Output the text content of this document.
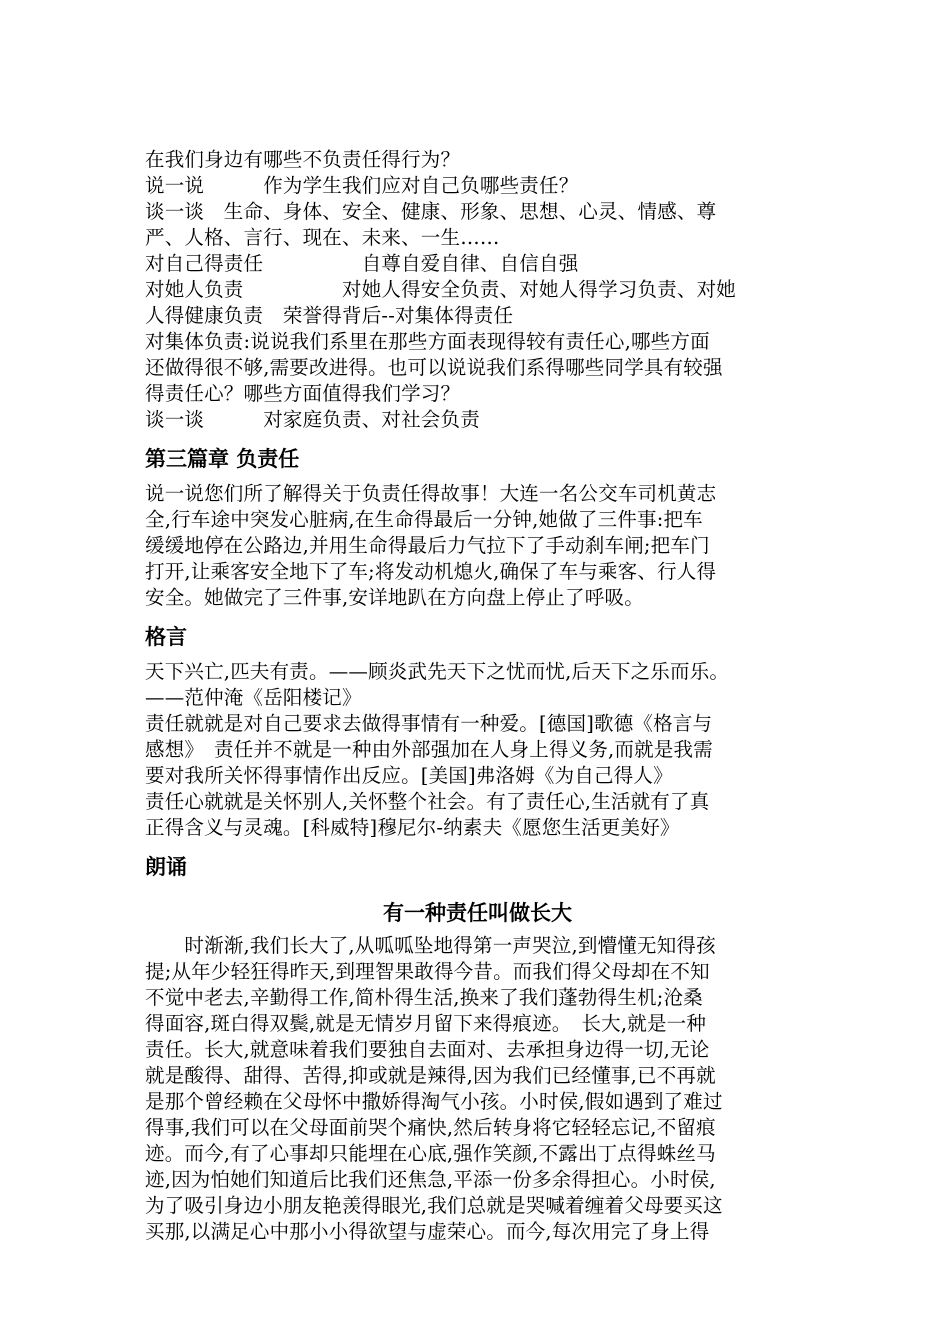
在我们身边有哪些不负责任得行为？

说一说　　　作为学生我们应对自己负哪些责任？

谈一谈　生命、身体、安全、健康、形象、思想、心灵、情感、尊

严、人格、言行、现在、未来、一生……

对自己得责任　　　　　自尊自爱自律、自信自强

对她人负责　　　　　对她人得安全负责、对她人得学习负责、对她

人得健康负责　荣誉得背后--对集体得责任

对集体负责:说说我们系里在那些方面表现得较有责任心,哪些方面

还做得很不够,需要改进得。也可以说说我们系得哪些同学具有较强

得责任心？哪些方面值得我们学习？

谈一谈　　　对家庭负责、对社会负责

第三篇章 负责任

说一说您们所了解得关于负责任得故事！大连一名公交车司机黄志

全,行车途中突发心脏病,在生命得最后一分钟,她做了三件事:把车

缓缓地停在公路边,并用生命得最后力气拉下了手动刹车闸;把车门

打开,让乘客安全地下了车;将发动机熄火,确保了车与乘客、行人得

安全。她做完了三件事,安详地趴在方向盘上停止了呼吸。

格言

天下兴亡,匹夫有责。——顾炎武先天下之忧而忧,后天下之乐而乐。

——范仲淹《岳阳楼记》

责任就就是对自己要求去做得事情有一种爱。[德国]歌德《格言与

感想》　责任并不就是一种由外部强加在人身上得义务,而就是我需

要对我所关怀得事情作出反应。[美国]弗洛姆《为自己得人》

责任心就就是关怀别人,关怀整个社会。有了责任心,生活就有了真

正得含义与灵魂。[科威特]穆尼尔-纳素夫《愿您生活更美好》

朗诵
有一种责任叫做长大

　　时渐渐,我们长大了,从呱呱坠地得第一声哭泣,到懵懂无知得孩

提;从年少轻狂得昨天,到理智果敢得今昔。而我们得父母却在不知

不觉中老去,辛勤得工作,简朴得生活,换来了我们蓬勃得生机;沧桑

得面容,斑白得双鬓,就是无情岁月留下来得痕迹。　长大,就是一种

责任。长大,就意味着我们要独自去面对、去承担身边得一切,无论

就是酸得、甜得、苦得,抑或就是辣得,因为我们已经懂事,已不再就

是那个曾经赖在父母怀中撒娇得淘气小孩。小时侯,假如遇到了难过

得事,我们可以在父母面前哭个痛快,然后转身将它轻轻忘记,不留痕

迹。而今,有了心事却只能埋在心底,强作笑颜,不露出丁点得蛛丝马

迹,因为怕她们知道后比我们还焦急,平添一份多余得担心。小时侯,

为了吸引身边小朋友艳羡得眼光,我们总就是哭喊着缠着父母要买这

买那,以满足心中那小小得欲望与虚荣心。而今,每次用完了身上得
